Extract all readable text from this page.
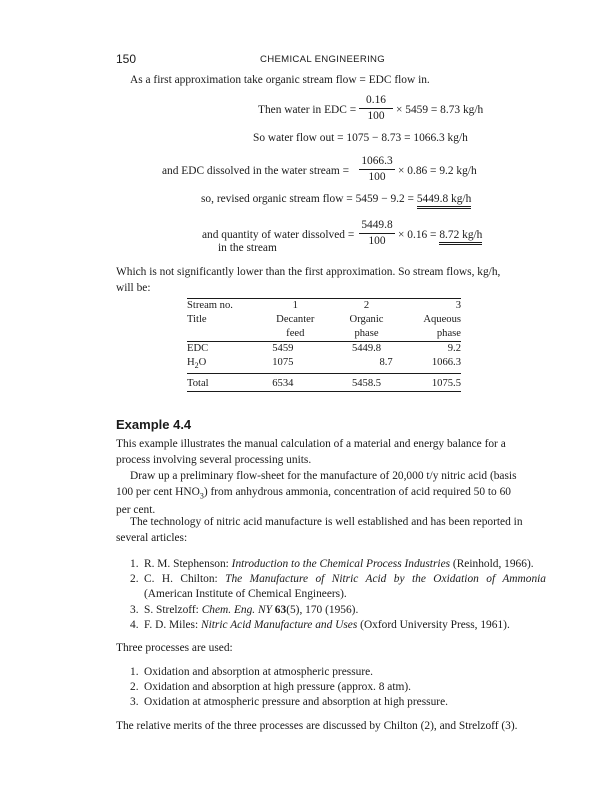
150	CHEMICAL ENGINEERING
As a first approximation take organic stream flow = EDC flow in.
Then water in EDC =
0.16
100	× 5459 = 8.73 kg/h
So water flow out = 1075 − 8.73 = 1066.3 kg/h
and EDC dissolved in the water stream =
1066.3
100	× 0.86 = 9.2 kg/h
so, revised organic stream flow = 5459 − 9.2 = 5449.8 kg/h
and quantity of water dissolved =
in the stream
5449.8
100	× 0.16 = 8.72 kg/h
Which is not significantly lower than the first approximation. So stream flows, kg/h,
will be:
Stream no.	1	2	3
Title	Decanter	Organic	Aqueous
	feed	phase	phase
EDC	5459	5449.8	9.2
$H_2O$	1075	8.7	1066.3
Total	6534	5458.5	1075.5
Example 4.4
This example illustrates the manual calculation of a material and energy balance for a
process involving several processing units.
Draw up a preliminary flow-sheet for the manufacture of 20,000 t/y nitric acid (basis
100 per cent $HNO_3$) from anhydrous ammonia, concentration of acid required 50 to 60
per cent.
The technology of nitric acid manufacture is well established and has been reported in
several articles:
1. R. M. Stephenson: Introduction to the Chemical Process Industries (Reinhold, 1966).
2. C. H. Chilton: The Manufacture of Nitric Acid by the Oxidation of Ammonia
(American Institute of Chemical Engineers).
3. S. Strelzoff: Chem. Eng. NY 63(5), 170 (1956).
4. F. D. Miles: Nitric Acid Manufacture and Uses (Oxford University Press, 1961).
Three processes are used:
1. Oxidation and absorption at atmospheric pressure.
2. Oxidation and absorption at high pressure (approx. 8 atm).
3. Oxidation at atmospheric pressure and absorption at high pressure.
The relative merits of the three processes are discussed by Chilton (2), and Strelzoff (3).
